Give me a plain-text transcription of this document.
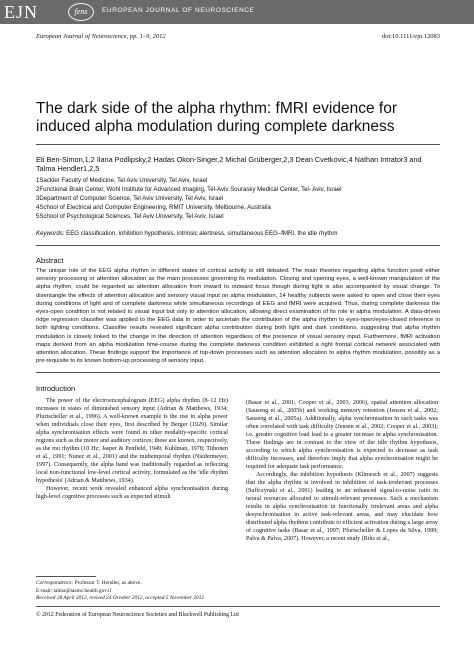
EJN	fens	EUROPEAN JOURNAL OF NEUROSCIENCE
European Journal of Neuroscience, pp. 1–9, 2012	doi:10.1111/ejn.12083
The dark side of the alpha rhythm: fMRI evidence for induced alpha modulation during complete darkness
Eti Ben-Simon,1,2 Ilana Podlipsky,2 Hadas Okon-Singer,2 Michal Gruberger,2,3 Dean Cvetkovic,4 Nathan Intrator3 and Talma Hendler1,2,5
1Sackler Faculty of Medicine, Tel Aviv University, Tel Aviv, Israel
2Functional Brain Center, Wohl Institute for Advanced Imaging, Tel-Aviv Sourasky Medical Center, Tel- Aviv, Israel
3Department of Computer Science, Tel Aviv University, Tel Aviv, Israel
4School of Electrical and Computer Engineering, RMIT University, Melbourne, Australia
5School of Psychological Sciences, Tel Aviv University, Tel Aviv, Israel
Keywords: EEG classification, inhibition hypothesis, intrinsic alertness, simultaneous EEG–fMRI, the idle rhythm
Abstract
The unique role of the EEG alpha rhythm in different states of cortical activity is still debated. The main theories regarding alpha function posit either sensory processing or attention allocation as the main processes governing its modulation. Closing and opening eyes, a well-known manipulation of the alpha rhythm, could be regarded as attention allocation from inward to outward focus though during light is also accompanied by visual change. To disentangle the effects of attention allocation and sensory visual input on alpha modulation, 14 healthy subjects were asked to open and close their eyes during conditions of light and of complete darkness while simultaneous recordings of EEG and fMRI were acquired. Thus, during complete darkness the eyes-open condition is not related to visual input but only to attention allocation, allowing direct examination of its role in alpha modulation. A data-driven ridge regression classifier was applied to the EEG data in order to ascertain the contribution of the alpha rhythm to eyes-open/eyes-closed inference in both lighting conditions. Classifier results revealed significant alpha contribution during both light and dark conditions, suggesting that alpha rhythm modulation is closely linked to the change in the direction of attention regardless of the presence of visual sensory input. Furthermore, fMRI activation maps derived from an alpha modulation time-course during the complete darkness condition exhibited a right frontal cortical network associated with attention allocation. These findings support the importance of top-down processes such as attention allocation to alpha rhythm modulation, possibly as a pre-requisite to its known bottom-up processing of sensory input.
Introduction

The power of the electroencephalogram (EEG) alpha rhythm (8–12 Hz) increases in states of diminished sensory input (Adrian & Matthews, 1934; Pfurtscheller et al., 1996). A well-known example is the rise in alpha power when individuals close their eyes, first described by Berger (1929). Similar alpha synchronisation effects were found in other modality-specific cortical regions such as the motor and auditory cortices; these are known, respectively, as the mu rhythm (10 Hz; Jasper & Penfield, 1949; Kuhlman, 1978; Tiihonen et al., 1991; Nunez et al., 2001) and the midtemporal rhythm (Niedermeyer, 1997). Consequently, the alpha band was traditionally regarded as reflecting local non-functional low-level cortical activity, formulated as the 'idle rhythm hypothesis' (Adrian & Matthews, 1934).

However, recent work revealed enhanced alpha synchronisation during high-level cognitive processes such as expected stimuli

(Basar et al., 2001; Cooper et al., 2003, 2006), spatial attention allocation (Sauseng et al., 2005b) and working memory retention (Jensen et al., 2002; Sauseng et al., 2005a). Additionally, alpha synchronisation in such tasks was often correlated with task difficulty (Jensen et al., 2002; Cooper et al., 2003); i.e. greater cognitive load lead to a greater increase in alpha synchronisation. These findings are in contrast to the view of the idle rhythm hypothesis, according to which alpha synchronisation is expected to decrease as task difficulty increases, and therefore imply that alpha synchronisation might be required for adequate task performance.

Accordingly, the inhibition hypothesis (Klimesch et al., 2007) suggests that the alpha rhythm is involved in inhibition of task-irrelevant processes (Suffczynski et al., 2001) leading to an enhanced signal-to-noise ratio in neural resources allocated to stimuli-relevant processes. Such a mechanism results in alpha synchronisation in functionally irrelevant areas and alpha desynchronisation in active task-relevant areas, and may elucidate how distributed alpha rhythms contribute to efficient activation during a large array of cognitive tasks (Basar et al., 1997; Pfurtscheller & Lopes da Silva, 1999; Palva & Palva, 2007). However, a recent study (Rihs et al.,

Correspondence: Professor T. Hendler, as above.
E-mail: talma@tasmc.health.gov.il
Received 28 April 2012, revised 24 October 2012, accepted 5 November 2012
© 2012 Federation of European Neuroscience Societies and Blackwell Publishing Ltd
